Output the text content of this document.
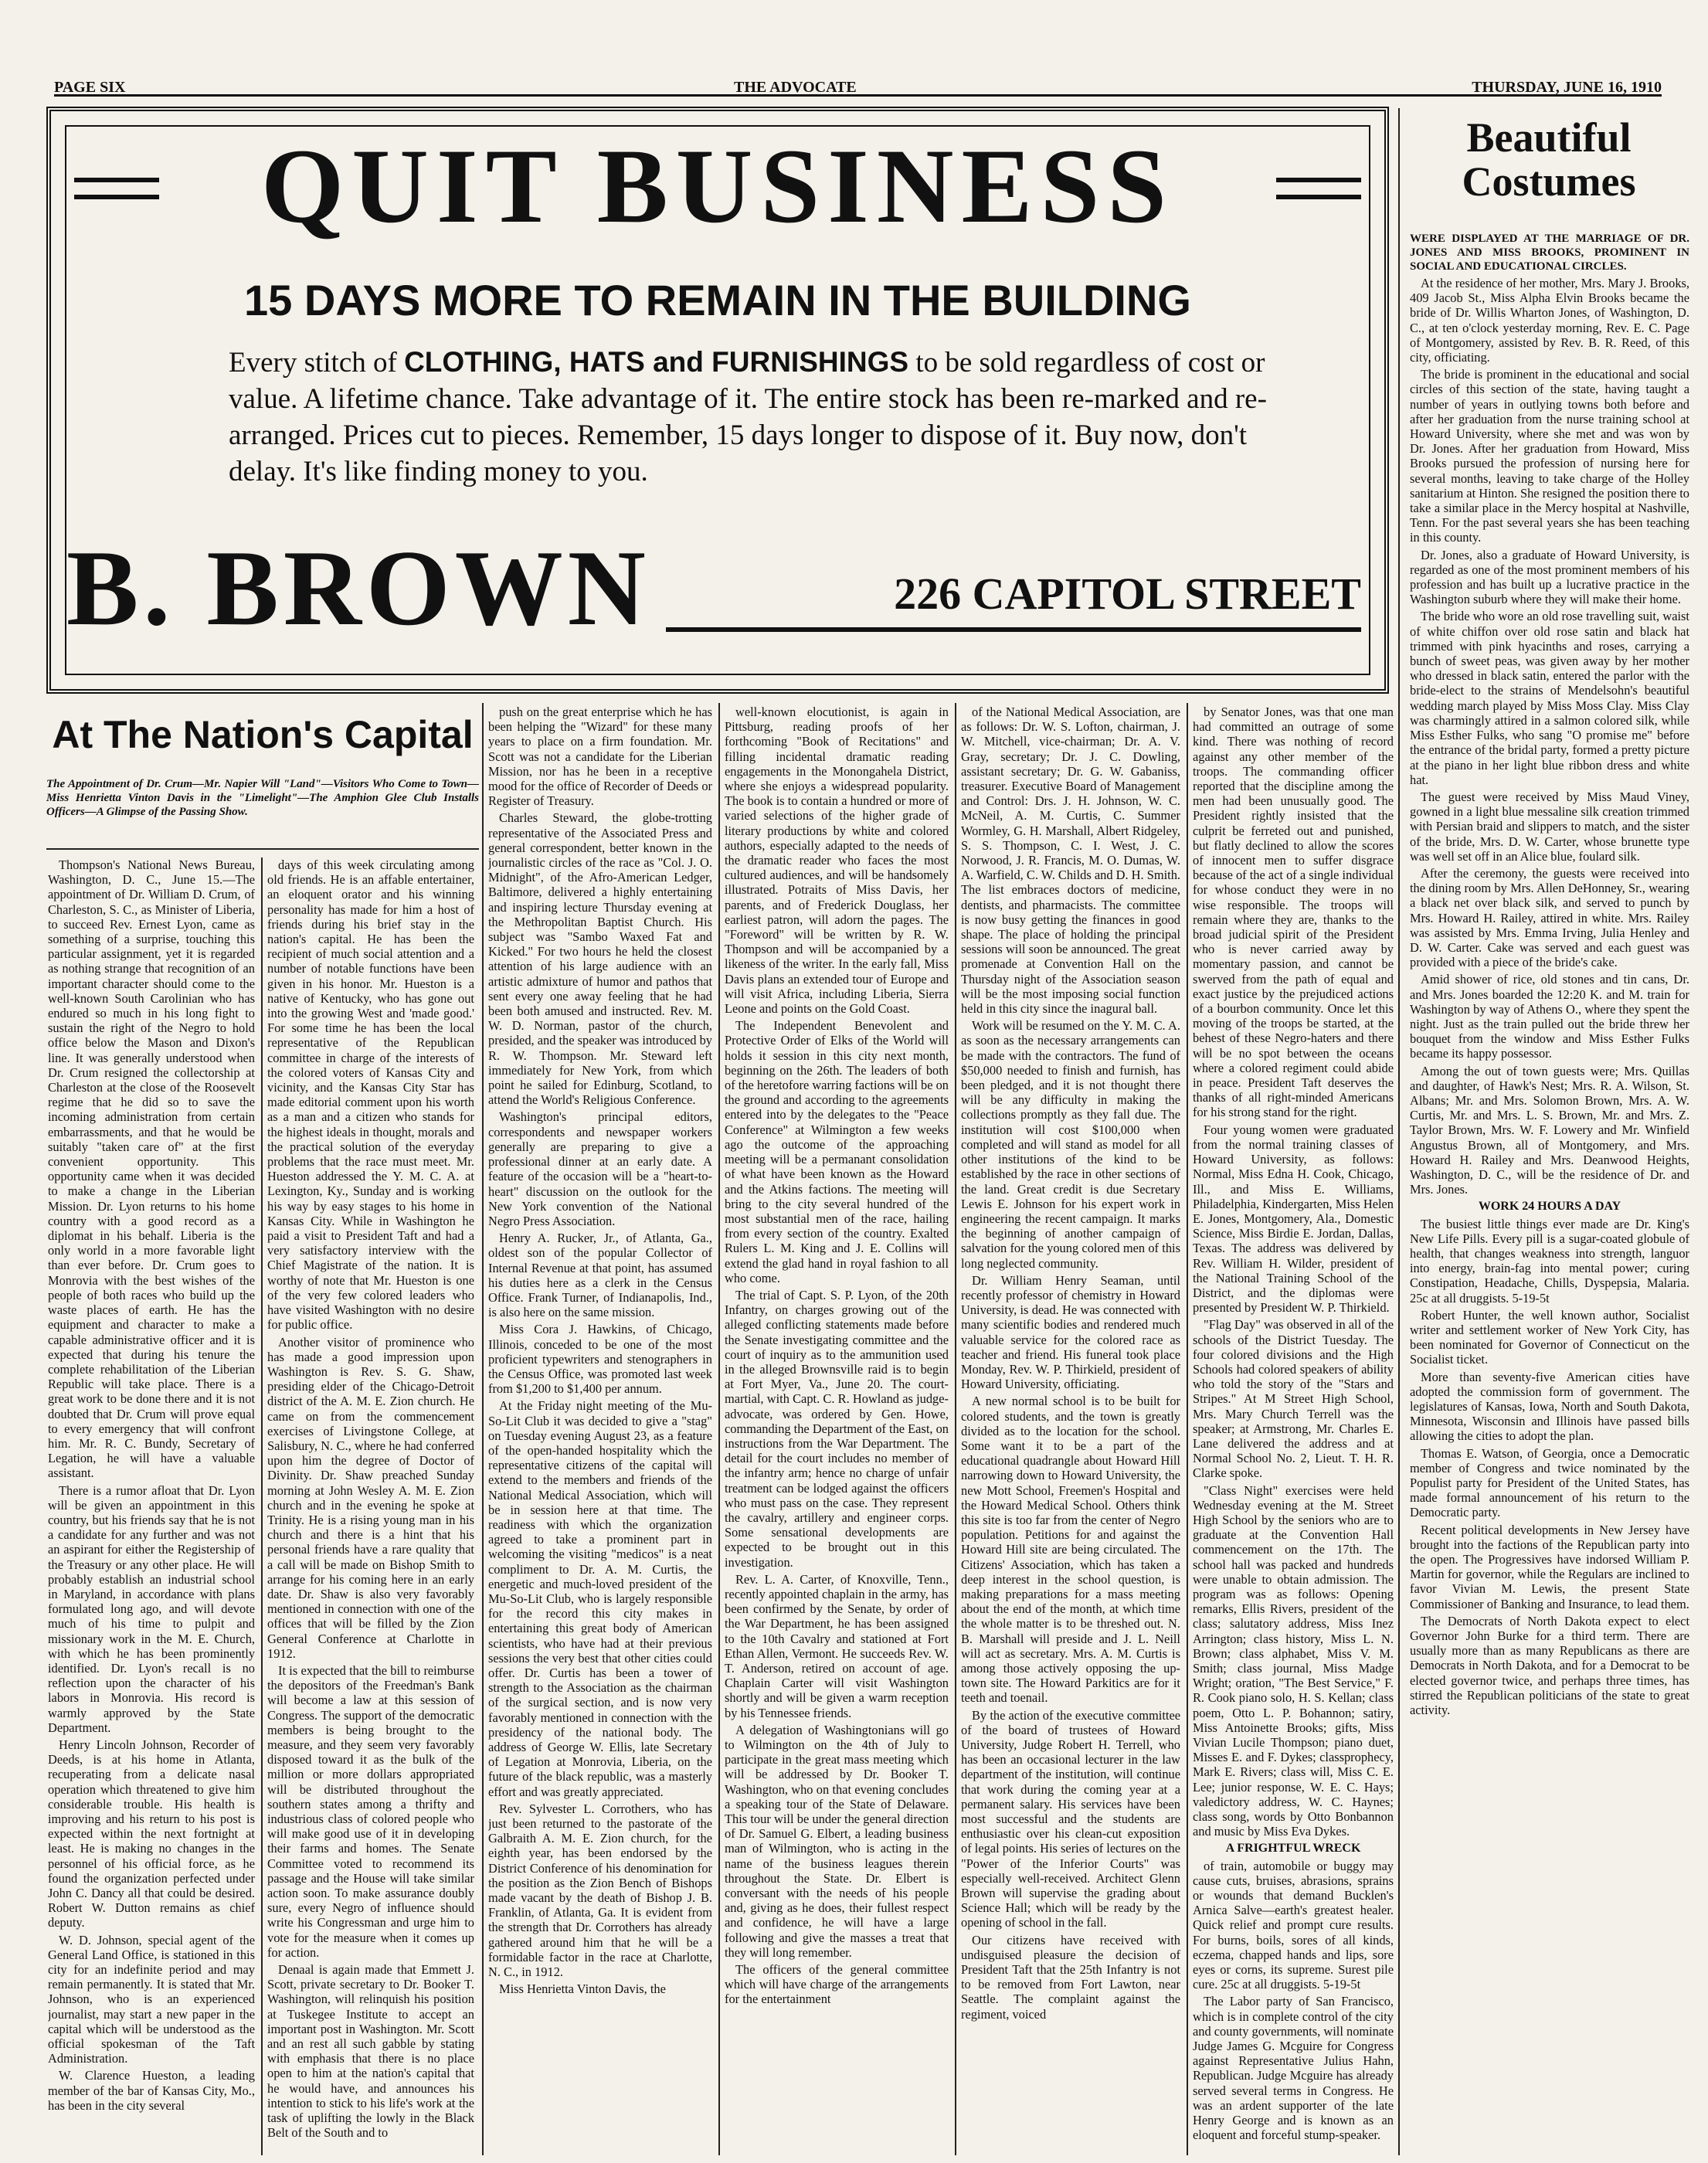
PAGE SIX	THE ADVOCATE	THURSDAY, JUNE 16, 1910
QUIT BUSINESS
15 DAYS MORE TO REMAIN IN THE BUILDING
Every stitch of CLOTHING, HATS and FURNISHINGS to be sold regardless of cost or value. A lifetime chance. Take advantage of it. The entire stock has been re-marked and re-arranged. Prices cut to pieces. Remember, 15 days longer to dispose of it. Buy now, don't delay. It's like finding money to you.
B. BROWN	226 CAPITOL STREET
Beautiful
Costumes

WERE DISPLAYED AT THE MARRIAGE OF DR. JONES AND MISS BROOKS, PROMINENT IN SOCIAL AND EDUCATIONAL CIRCLES.

At the residence of her mother, Mrs. Mary J. Brooks, 409 Jacob St., Miss Alpha Elvin Brooks became the bride of Dr. Willis Wharton Jones, of Washington, D. C., at ten o'clock yesterday morning, Rev. E. C. Page of Montgomery, assisted by Rev. B. R. Reed, of this city, officiating.

The bride is prominent in the educational and social circles of this section of the state, having taught a number of years in outlying towns both before and after her graduation from the nurse training school at Howard University, where she met and was won by Dr. Jones. After her graduation from Howard, Miss Brooks pursued the profession of nursing here for several months, leaving to take charge of the Holley sanitarium at Hinton. She resigned the position there to take a similar place in the Mercy hospital at Nashville, Tenn. For the past several years she has been teaching in this county.

Dr. Jones, also a graduate of Howard University, is regarded as one of the most prominent members of his profession and has built up a lucrative practice in the Washington suburb where they will make their home.

The bride who wore an old rose travelling suit, waist of white chiffon over old rose satin and black hat trimmed with pink hyacinths and roses, carrying a bunch of sweet peas, was given away by her mother who dressed in black satin, entered the parlor with the bride-elect to the strains of Mendelsohn's beautiful wedding march played by Miss Moss Clay. Miss Clay was charmingly attired in a salmon colored silk, while Miss Esther Fulks, who sang "O promise me" before the entrance of the bridal party, formed a pretty picture at the piano in her light blue ribbon dress and white hat.

The guest were received by Miss Maud Viney, gowned in a light blue messaline silk creation trimmed with Persian braid and slippers to match, and the sister of the bride, Mrs. D. W. Carter, whose brunette type was well set off in an Alice blue, foulard silk.

After the ceremony, the guests were received into the dining room by Mrs. Allen DeHonney, Sr., wearing a black net over black silk, and served to punch by Mrs. Howard H. Railey, attired in white. Mrs. Railey was assisted by Mrs. Emma Irving, Julia Henley and D. W. Carter. Cake was served and each guest was provided with a piece of the bride's cake.

Amid shower of rice, old stones and tin cans, Dr. and Mrs. Jones boarded the 12:20 K. and M. train for Washington by way of Athens O., where they spent the night. Just as the train pulled out the bride threw her bouquet from the window and Miss Esther Fulks became its happy possessor.

Among the out of town guests were; Mrs. Quillas and daughter, of Hawk's Nest; Mrs. R. A. Wilson, St. Albans; Mr. and Mrs. Solomon Brown, Mrs. A. W. Curtis, Mr. and Mrs. L. S. Brown, Mr. and Mrs. Z. Taylor Brown, Mrs. W. F. Lowery and Mr. Winfield Angustus Brown, all of Montgomery, and Mrs. Howard H. Railey and Mrs. Deanwood Heights, Washington, D. C., will be the residence of Dr. and Mrs. Jones.

WORK 24 HOURS A DAY

The busiest little things ever made are Dr. King's New Life Pills. Every pill is a sugar-coated globule of health, that changes weakness into strength, languor into energy, brain-fag into mental power; curing Constipation, Headache, Chills, Dyspepsia, Malaria. 25c at all druggists. 5-19-5t

Robert Hunter, the well known author, Socialist writer and settlement worker of New York City, has been nominated for Governor of Connecticut on the Socialist ticket.

More than seventy-five American cities have adopted the commission form of government. The legislatures of Kansas, Iowa, North and South Dakota, Minnesota, Wisconsin and Illinois have passed bills allowing the cities to adopt the plan.

Thomas E. Watson, of Georgia, once a Democratic member of Congress and twice nominated by the Populist party for President of the United States, has made formal announcement of his return to the Democratic party.

Recent political developments in New Jersey have brought into the factions of the Republican party into the open. The Progressives have indorsed William P. Martin for governor, while the Regulars are inclined to favor Vivian M. Lewis, the present State Commissioner of Banking and Insurance, to lead them.

The Democrats of North Dakota expect to elect Governor John Burke for a third term. There are usually more than as many Republicans as there are Democrats in North Dakota, and for a Democrat to be elected governor twice, and perhaps three times, has stirred the Republican politicians of the state to great activity.

At The Nation's Capital
The Appointment of Dr. Crum—Mr. Napier Will "Land"—Visitors Who Come to Town—Miss Henrietta Vinton Davis in the "Limelight"—The Amphion Glee Club Installs Officers—A Glimpse of the Passing Show.

Thompson's National News Bureau, Washington, D. C., June 15.—The appointment of Dr. William D. Crum, of Charleston, S. C., as Minister of Liberia, to succeed Rev. Ernest Lyon, came as something of a surprise, touching this particular assignment, yet it is regarded as nothing strange that recognition of an important character should come to the well-known South Carolinian who has endured so much in his long fight to sustain the right of the Negro to hold office below the Mason and Dixon's line. It was generally understood when Dr. Crum resigned the collectorship at Charleston at the close of the Roosevelt regime that he did so to save the incoming administration from certain embarrassments, and that he would be suitably "taken care of" at the first convenient opportunity. This opportunity came when it was decided to make a change in the Liberian Mission. Dr. Lyon returns to his home country with a good record as a diplomat in his behalf. Liberia is the only world in a more favorable light than ever before. Dr. Crum goes to Monrovia with the best wishes of the people of both races who build up the waste places of earth. He has the equipment and character to make a capable administrative officer and it is expected that during his tenure the complete rehabilitation of the Liberian Republic will take place. There is a great work to be done there and it is not doubted that Dr. Crum will prove equal to every emergency that will confront him. Mr. R. C. Bundy, Secretary of Legation, he will have a valuable assistant.

There is a rumor afloat that Dr. Lyon will be given an appointment in this country, but his friends say that he is not a candidate for any further and was not an aspirant for either the Registership of the Treasury or any other place. He will probably establish an industrial school in Maryland, in accordance with plans formulated long ago, and will devote much of his time to pulpit and missionary work in the M. E. Church, with which he has been prominently identified. Dr. Lyon's recall is no reflection upon the character of his labors in Monrovia. His record is warmly approved by the State Department.

Henry Lincoln Johnson, Recorder of Deeds, is at his home in Atlanta, recuperating from a delicate nasal operation which threatened to give him considerable trouble. His health is improving and his return to his post is expected within the next fortnight at least. He is making no changes in the personnel of his official force, as he found the organization perfected under John C. Dancy all that could be desired. Robert W. Dutton remains as chief deputy.

W. D. Johnson, special agent of the General Land Office, is stationed in this city for an indefinite period and may remain permanently. It is stated that Mr. Johnson, who is an experienced journalist, may start a new paper in the capital which will be understood as the official spokesman of the Taft Administration.

W. Clarence Hueston, a leading member of the bar of Kansas City, Mo., has been in the city several

days of this week circulating among old friends. He is an affable entertainer, an eloquent orator and his winning personality has made for him a host of friends during his brief stay in the nation's capital. He has been the recipient of much social attention and a number of notable functions have been given in his honor. Mr. Hueston is a native of Kentucky, who has gone out into the growing West and 'made good.' For some time he has been the local representative of the Republican committee in charge of the interests of the colored voters of Kansas City and vicinity, and the Kansas City Star has made editorial comment upon his worth as a man and a citizen who stands for the highest ideals in thought, morals and the practical solution of the everyday problems that the race must meet. Mr. Hueston addressed the Y. M. C. A. at Lexington, Ky., Sunday and is working his way by easy stages to his home in Kansas City. While in Washington he paid a visit to President Taft and had a very satisfactory interview with the Chief Magistrate of the nation. It is worthy of note that Mr. Hueston is one of the very few colored leaders who have visited Washington with no desire for public office.

Another visitor of prominence who has made a good impression upon Washington is Rev. S. G. Shaw, presiding elder of the Chicago-Detroit district of the A. M. E. Zion church. He came on from the commencement exercises of Livingstone College, at Salisbury, N. C., where he had conferred upon him the degree of Doctor of Divinity. Dr. Shaw preached Sunday morning at John Wesley A. M. E. Zion church and in the evening he spoke at Trinity. He is a rising young man in his church and there is a hint that his personal friends have a rare quality that a call will be made on Bishop Smith to arrange for his coming here in an early date. Dr. Shaw is also very favorably mentioned in connection with one of the offices that will be filled by the Zion General Conference at Charlotte in 1912.

It is expected that the bill to reimburse the depositors of the Freedman's Bank will become a law at this session of Congress. The support of the democratic members is being brought to the measure, and they seem very favorably disposed toward it as the bulk of the million or more dollars appropriated will be distributed throughout the southern states among a thrifty and industrious class of colored people who will make good use of it in developing their farms and homes. The Senate Committee voted to recommend its passage and the House will take similar action soon. To make assurance doubly sure, every Negro of influence should write his Congressman and urge him to vote for the measure when it comes up for action.

Denaal is again made that Emmett J. Scott, private secretary to Dr. Booker T. Washington, will relinquish his position at Tuskegee Institute to accept an important post in Washington. Mr. Scott and an rest all such gabble by stating with emphasis that there is no place open to him at the nation's capital that he would have, and announces his intention to stick to his life's work at the task of uplifting the lowly in the Black Belt of the South and to

push on the great enterprise which he has been helping the "Wizard" for these many years to place on a firm foundation. Mr. Scott was not a candidate for the Liberian Mission, nor has he been in a receptive mood for the office of Recorder of Deeds or Register of Treasury.

Charles Steward, the globe-trotting representative of the Associated Press and general correspondent, better known in the journalistic circles of the race as "Col. J. O. Midnight", of the Afro-American Ledger, Baltimore, delivered a highly entertaining and inspiring lecture Thursday evening at the Methropolitan Baptist Church. His subject was "Sambo Waxed Fat and Kicked." For two hours he held the closest attention of his large audience with an artistic admixture of humor and pathos that sent every one away feeling that he had been both amused and instructed. Rev. M. W. D. Norman, pastor of the church, presided, and the speaker was introduced by R. W. Thompson. Mr. Steward left immediately for New York, from which point he sailed for Edinburg, Scotland, to attend the World's Religious Conference.

Washington's principal editors, correspondents and newspaper workers generally are preparing to give a professional dinner at an early date. A feature of the occasion will be a "heart-to-heart" discussion on the outlook for the New York convention of the National Negro Press Association.

Henry A. Rucker, Jr., of Atlanta, Ga., oldest son of the popular Collector of Internal Revenue at that point, has assumed his duties here as a clerk in the Census Office. Frank Turner, of Indianapolis, Ind., is also here on the same mission.

Miss Cora J. Hawkins, of Chicago, Illinois, conceded to be one of the most proficient typewriters and stenographers in the Census Office, was promoted last week from $1,200 to $1,400 per annum.

At the Friday night meeting of the Mu-So-Lit Club it was decided to give a "stag" on Tuesday evening August 23, as a feature of the open-handed hospitality which the representative citizens of the capital will extend to the members and friends of the National Medical Association, which will be in session here at that time. The readiness with which the organization agreed to take a prominent part in welcoming the visiting "medicos" is a neat compliment to Dr. A. M. Curtis, the energetic and much-loved president of the Mu-So-Lit Club, who is largely responsible for the record this city makes in entertaining this great body of American scientists, who have had at their previous sessions the very best that other cities could offer. Dr. Curtis has been a tower of strength to the Association as the chairman of the surgical section, and is now very favorably mentioned in connection with the presidency of the national body. The address of George W. Ellis, late Secretary of Legation at Monrovia, Liberia, on the future of the black republic, was a masterly effort and was greatly appreciated.

Rev. Sylvester L. Corrothers, who has just been returned to the pastorate of the Galbraith A. M. E. Zion church, for the eighth year, has been endorsed by the District Conference of his denomination for the position as the Zion Bench of Bishops made vacant by the death of Bishop J. B. Franklin, of Atlanta, Ga. It is evident from the strength that Dr. Corrothers has already gathered around him that he will be a formidable factor in the race at Charlotte, N. C., in 1912.

Miss Henrietta Vinton Davis, the

well-known elocutionist, is again in Pittsburg, reading proofs of her forthcoming "Book of Recitations" and filling incidental dramatic reading engagements in the Monongahela District, where she enjoys a widespread popularity. The book is to contain a hundred or more of varied selections of the higher grade of literary productions by white and colored authors, especially adapted to the needs of the dramatic reader who faces the most cultured audiences, and will be handsomely illustrated. Potraits of Miss Davis, her parents, and of Frederick Douglass, her earliest patron, will adorn the pages. The "Foreword" will be written by R. W. Thompson and will be accompanied by a likeness of the writer. In the early fall, Miss Davis plans an extended tour of Europe and will visit Africa, including Liberia, Sierra Leone and points on the Gold Coast.

The Independent Benevolent and Protective Order of Elks of the World will holds it session in this city next month, beginning on the 26th. The leaders of both of the heretofore warring factions will be on the ground and according to the agreements entered into by the delegates to the "Peace Conference" at Wilmington a few weeks ago the outcome of the approaching meeting will be a permanant consolidation of what have been known as the Howard and the Atkins factions. The meeting will bring to the city several hundred of the most substantial men of the race, hailing from every section of the country. Exalted Rulers L. M. King and J. E. Collins will extend the glad hand in royal fashion to all who come.

The trial of Capt. S. P. Lyon, of the 20th Infantry, on charges growing out of the alleged conflicting statements made before the Senate investigating committee and the court of inquiry as to the ammunition used in the alleged Brownsville raid is to begin at Fort Myer, Va., June 20. The court-martial, with Capt. C. R. Howland as judge-advocate, was ordered by Gen. Howe, commanding the Department of the East, on instructions from the War Department. The detail for the court includes no member of the infantry arm; hence no charge of unfair treatment can be lodged against the officers who must pass on the case. They represent the cavalry, artillery and engineer corps. Some sensational developments are expected to be brought out in this investigation.

Rev. L. A. Carter, of Knoxville, Tenn., recently appointed chaplain in the army, has been confirmed by the Senate, by order of the War Department, he has been assigned to the 10th Cavalry and stationed at Fort Ethan Allen, Vermont. He succeeds Rev. W. T. Anderson, retired on account of age. Chaplain Carter will visit Washington shortly and will be given a warm reception by his Tennessee friends.

A delegation of Washingtonians will go to Wilmington on the 4th of July to participate in the great mass meeting which will be addressed by Dr. Booker T. Washington, who on that evening concludes a speaking tour of the State of Delaware. This tour will be under the general direction of Dr. Samuel G. Elbert, a leading business man of Wilmington, who is acting in the name of the business leagues therein throughout the State. Dr. Elbert is conversant with the needs of his people and, giving as he does, their fullest respect and confidence, he will have a large following and give the masses a treat that they will long remember.

The officers of the general committee which will have charge of the arrangements for the entertainment

of the National Medical Association, are as follows: Dr. W. S. Lofton, chairman, J. W. Mitchell, vice-chairman; Dr. A. V. Gray, secretary; Dr. J. C. Dowling, assistant secretary; Dr. G. W. Gabaniss, treasurer. Executive Board of Management and Control: Drs. J. H. Johnson, W. C. McNeil, A. M. Curtis, C. Summer Wormley, G. H. Marshall, Albert Ridgeley, S. S. Thompson, C. I. West, J. C. Norwood, J. R. Francis, M. O. Dumas, W. A. Warfield, C. W. Childs and D. H. Smith. The list embraces doctors of medicine, dentists, and pharmacists. The committee is now busy getting the finances in good shape. The place of holding the principal sessions will soon be announced. The great promenade at Convention Hall on the Thursday night of the Association season will be the most imposing social function held in this city since the inagural ball.

Work will be resumed on the Y. M. C. A. as soon as the necessary arrangements can be made with the contractors. The fund of $50,000 needed to finish and furnish, has been pledged, and it is not thought there will be any difficulty in making the collections promptly as they fall due. The institution will cost $100,000 when completed and will stand as model for all other institutions of the kind to be established by the race in other sections of the land. Great credit is due Secretary Lewis E. Johnson for his expert work in engineering the recent campaign. It marks the beginning of another campaign of salvation for the young colored men of this long neglected community.

Dr. William Henry Seaman, until recently professor of chemistry in Howard University, is dead. He was connected with many scientific bodies and rendered much valuable service for the colored race as teacher and friend. His funeral took place Monday, Rev. W. P. Thirkield, president of Howard University, officiating.

A new normal school is to be built for colored students, and the town is greatly divided as to the location for the school. Some want it to be a part of the educational quadrangle about Howard Hill narrowing down to Howard University, the new Mott School, Freemen's Hospital and the Howard Medical School. Others think this site is too far from the center of Negro population. Petitions for and against the Howard Hill site are being circulated. The Citizens' Association, which has taken a deep interest in the school question, is making preparations for a mass meeting about the end of the month, at which time the whole matter is to be threshed out. N. B. Marshall will preside and J. L. Neill will act as secretary. Mrs. A. M. Curtis is among those actively opposing the up-town site. The Howard Parkitics are for it teeth and toenail.

By the action of the executive committee of the board of trustees of Howard University, Judge Robert H. Terrell, who has been an occasional lecturer in the law department of the institution, will continue that work during the coming year at a permanent salary. His services have been most successful and the students are enthusiastic over his clean-cut exposition of legal points. His series of lectures on the "Power of the Inferior Courts" was especially well-received. Architect Glenn Brown will supervise the grading about Science Hall; which will be ready by the opening of school in the fall.

Our citizens have received with undisguised pleasure the decision of President Taft that the 25th Infantry is not to be removed from Fort Lawton, near Seattle. The complaint against the regiment, voiced

by Senator Jones, was that one man had committed an outrage of some kind. There was nothing of record against any other member of the troops. The commanding officer reported that the discipline among the men had been unusually good. The President rightly insisted that the culprit be ferreted out and punished, but flatly declined to allow the scores of innocent men to suffer disgrace because of the act of a single individual for whose conduct they were in no wise responsible. The troops will remain where they are, thanks to the broad judicial spirit of the President who is never carried away by momentary passion, and cannot be swerved from the path of equal and exact justice by the prejudiced actions of a bourbon community. Once let this moving of the troops be started, at the behest of these Negro-haters and there will be no spot between the oceans where a colored regiment could abide in peace. President Taft deserves the thanks of all right-minded Americans for his strong stand for the right.

Four young women were graduated from the normal training classes of Howard University, as follows: Normal, Miss Edna H. Cook, Chicago, Ill., and Miss E. Williams, Philadelphia, Kindergarten, Miss Helen E. Jones, Montgomery, Ala., Domestic Science, Miss Birdie E. Jordan, Dallas, Texas. The address was delivered by Rev. William H. Wilder, president of the National Training School of the District, and the diplomas were presented by President W. P. Thirkield.

"Flag Day" was observed in all of the schools of the District Tuesday. The four colored divisions and the High Schools had colored speakers of ability who told the story of the "Stars and Stripes." At M Street High School, Mrs. Mary Church Terrell was the speaker; at Armstrong, Mr. Charles E. Lane delivered the address and at Normal School No. 2, Lieut. T. H. R. Clarke spoke.

"Class Night" exercises were held Wednesday evening at the M. Street High School by the seniors who are to graduate at the Convention Hall commencement on the 17th. The school hall was packed and hundreds were unable to obtain admission. The program was as follows: Opening remarks, Ellis Rivers, president of the class; salutatory address, Miss Inez Arrington; class history, Miss L. N. Brown; class alphabet, Miss V. M. Smith; class journal, Miss Madge Wright; oration, "The Best Service," F. R. Cook piano solo, H. S. Kellan; class poem, Otto L. P. Bohannon; satiry, Miss Antoinette Brooks; gifts, Miss Vivian Lucile Thompson; piano duet, Misses E. and F. Dykes; classprophecy, Mark E. Rivers; class will, Miss C. E. Lee; junior response, W. E. C. Hays; valedictory address, W. C. Haynes; class song, words by Otto Bonbannon and music by Miss Eva Dykes.

A FRIGHTFUL WRECK

of train, automobile or buggy may cause cuts, bruises, abrasions, sprains or wounds that demand Bucklen's Arnica Salve—earth's greatest healer. Quick relief and prompt cure results. For burns, boils, sores of all kinds, eczema, chapped hands and lips, sore eyes or corns, its supreme. Surest pile cure. 25c at all druggists. 5-19-5t

The Labor party of San Francisco, which is in complete control of the city and county governments, will nominate Judge James G. Mcguire for Congress against Representative Julius Hahn, Republican. Judge Mcguire has already served several terms in Congress. He was an ardent supporter of the late Henry George and is known as an eloquent and forceful stump-speaker.
